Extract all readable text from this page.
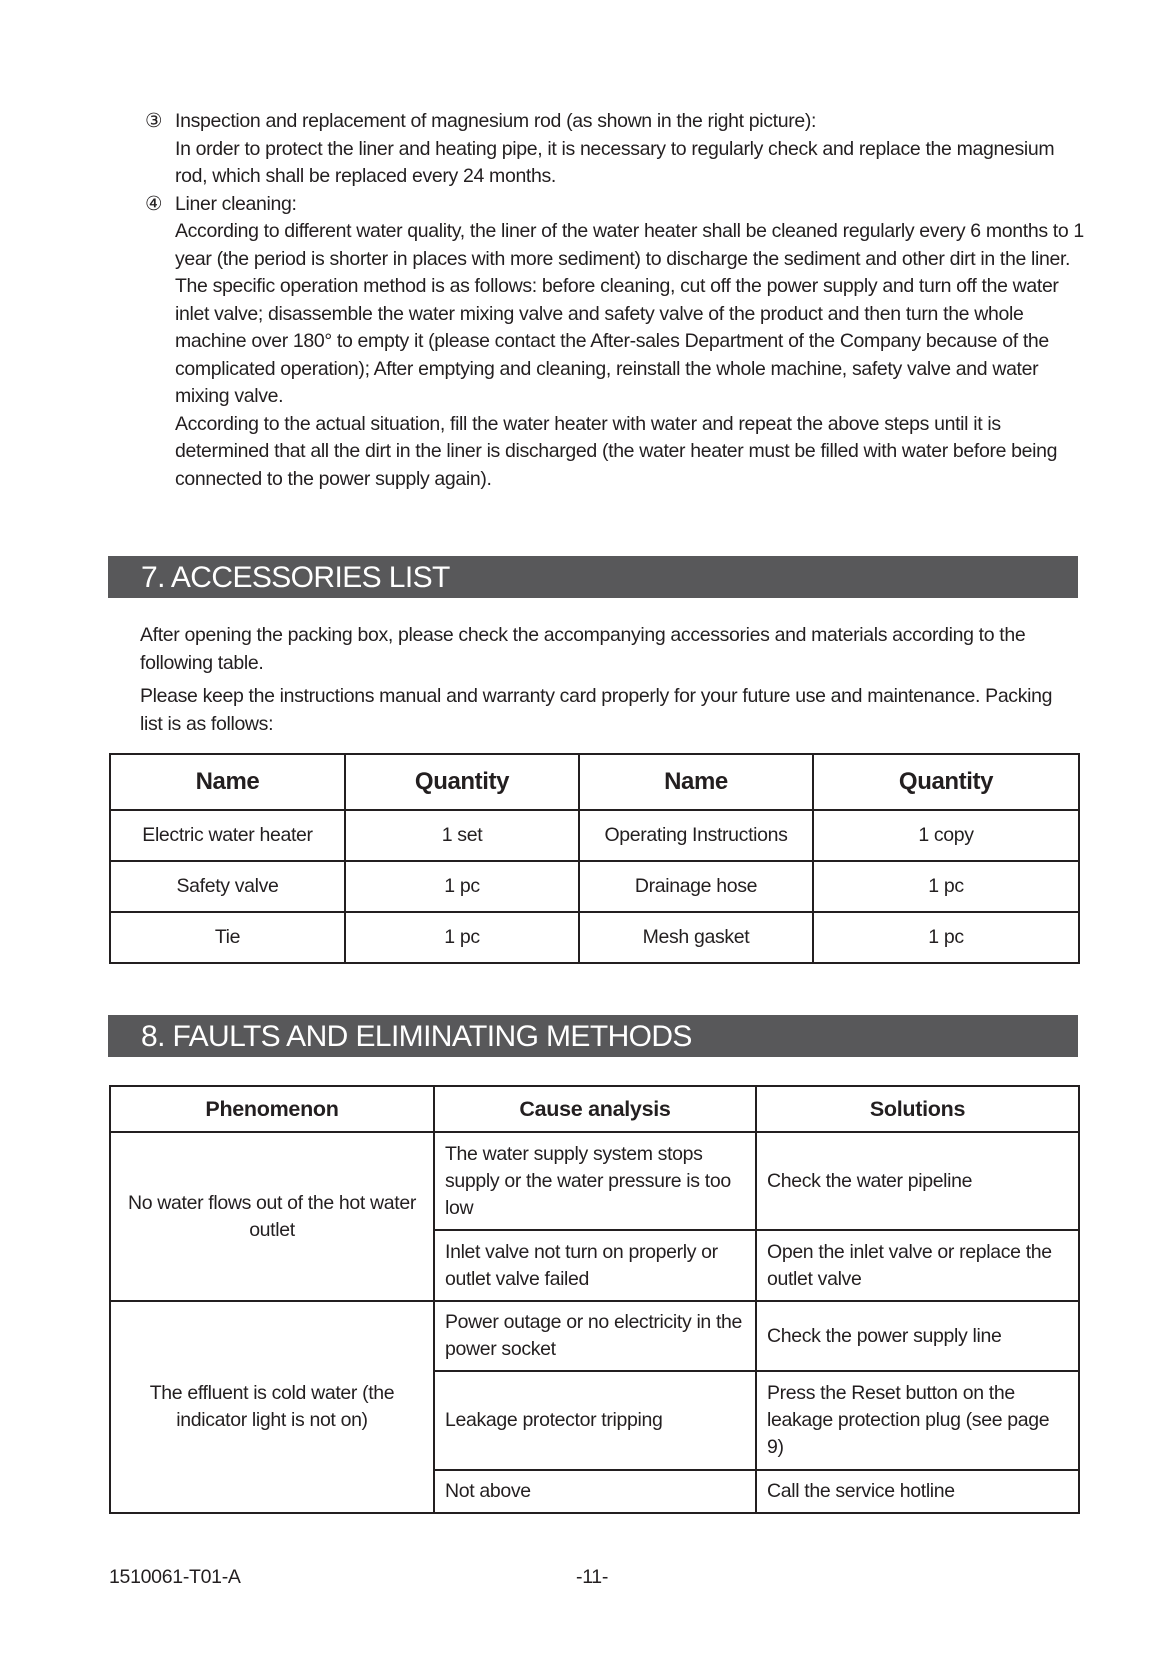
③ Inspection and replacement of magnesium rod (as shown in the right picture):

In order to protect the liner and heating pipe, it is necessary to regularly check and replace the magnesium rod, which shall be replaced every 24 months.

④ Liner cleaning:

According to different water quality, the liner of the water heater shall be cleaned regularly every 6 months to 1 year (the period is shorter in places with more sediment) to discharge the sediment and other dirt in the liner. The specific operation method is as follows: before cleaning, cut off the power supply and turn off the water inlet valve; disassemble the water mixing valve and safety valve of the product and then turn the whole machine over 180° to empty it (please contact the After-sales Department of the Company because of the complicated operation); After emptying and cleaning, reinstall the whole machine, safety valve and water mixing valve.

According to the actual situation, fill the water heater with water and repeat the above steps until it is determined that all the dirt in the liner is discharged (the water heater must be filled with water before being connected to the power supply again).

7. ACCESSORIES LIST

After opening the packing box, please check the accompanying accessories and materials according to the following table.

Please keep the instructions manual and warranty card properly for your future use and maintenance. Packing list is as follows:

Name	Quantity	Name	Quantity
Electric water heater	1 set	Operating Instructions	1 copy
Safety valve	1 pc	Drainage hose	1 pc
Tie	1 pc	Mesh gasket	1 pc
8. FAULTS AND ELIMINATING METHODS
Phenomenon	Cause analysis	Solutions
No water flows out of the hot water outlet	The water supply system stops supply or the water pressure is too low	Check the water pipeline
	Inlet valve not turn on properly or outlet valve failed	Open the inlet valve or replace the outlet valve
The effluent is cold water (the indicator light is not on)	Power outage or no electricity in the power socket	Check the power supply line
	Leakage protector tripping	Press the Reset button on the leakage protection plug (see page 9)
	Not above	Call the service hotline
1510061-T01-A	-11-
